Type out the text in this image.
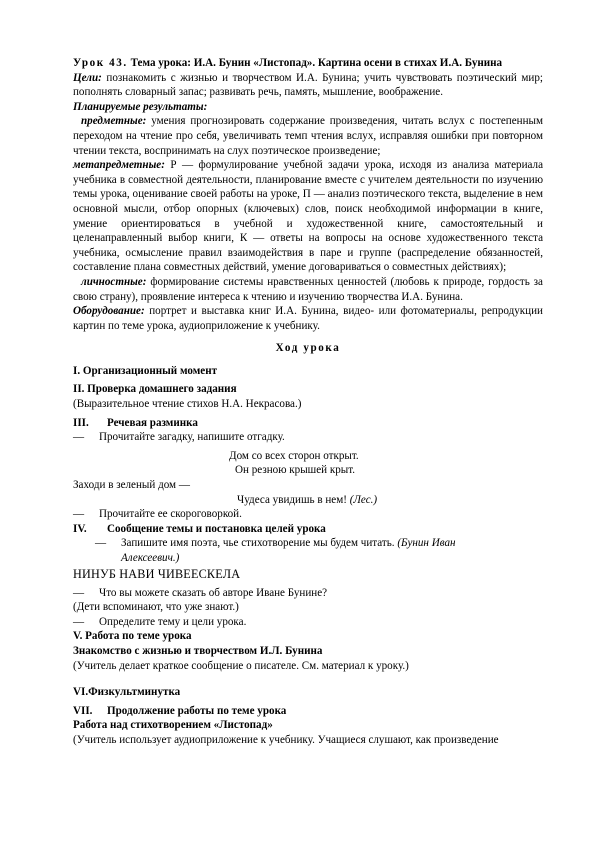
Урок 43. Тема урока: И.А. Бунин «Листопад». Картина осени в стихах И.А. Бунина

Цели: познакомить с жизнью и творчеством И.А. Бунина; учить чувствовать поэтический мир; пополнять словарный запас; развивать речь, память, мышление, воображение.

Планируемые результаты:

предметные: умения прогнозировать содержание произведения, читать вслух с постепенным переходом на чтение про себя, увеличивать темп чтения вслух, исправляя ошибки при повторном чтении текста, воспринимать на слух поэтическое произведение;

метапредметные: Р — формулирование учебной задачи урока, исходя из анализа материала учебника в совместной деятельности, планирование вместе с учителем деятельности по изучению темы урока, оценивание своей работы на уроке, П — анализ поэтического текста, выделение в нем основной мысли, отбор опорных (ключевых) слов, поиск необходимой информации в книге, умение ориентироваться в учебной и художественной книге, самостоятельный и целенаправленный выбор книги, К — ответы на вопросы на основе художественного текста учебника, осмысление правил взаимодействия в паре и группе (распределение обязанностей, составление плана совместных действий, умение договариваться о совместных действиях);

личностные: формирование системы нравственных ценностей (любовь к природе, гордость за свою страну), проявление интереса к чтению и изучению творчества И.А. Бунина.

Оборудование: портрет и выставка книг И.А. Бунина, видео- или фотоматериалы, репродукции картин по теме урока, аудиоприложение к учебнику.

Ход урока

I. Организационный момент

II. Проверка домашнего задания

(Выразительное чтение стихов Н.А. Некрасова.)

III. Речевая разминка

— Прочитайте загадку, напишите отгадку.

Дом со всех сторон открыт.

Он резною крышей крыт.

Заходи в зеленый дом —

Чудеса увидишь в нем! (Лес.)

— Прочитайте ее скороговоркой.

IV. Сообщение темы и постановка целей урока

— Запишите имя поэта, чье стихотворение мы будем читать. (Бунин Иван

Алексеевич.)

НИНУБ НАВИ ЧИВЕЕСКЕЛА

— Что вы можете сказать об авторе Иване Бунине?

(Дети вспоминают, что уже знают.)

— Определите тему и цели урока.

V. Работа по теме урока

Знакомство с жизнью и творчеством И.Л. Бунина

(Учитель делает краткое сообщение о писателе. См. материал к уроку.)

VI.Физкультминутка

VII. Продолжение работы по теме урока

Работа над стихотворением «Листопад»

(Учитель использует аудиоприложение к учебнику. Учащиеся слушают, как произведение
